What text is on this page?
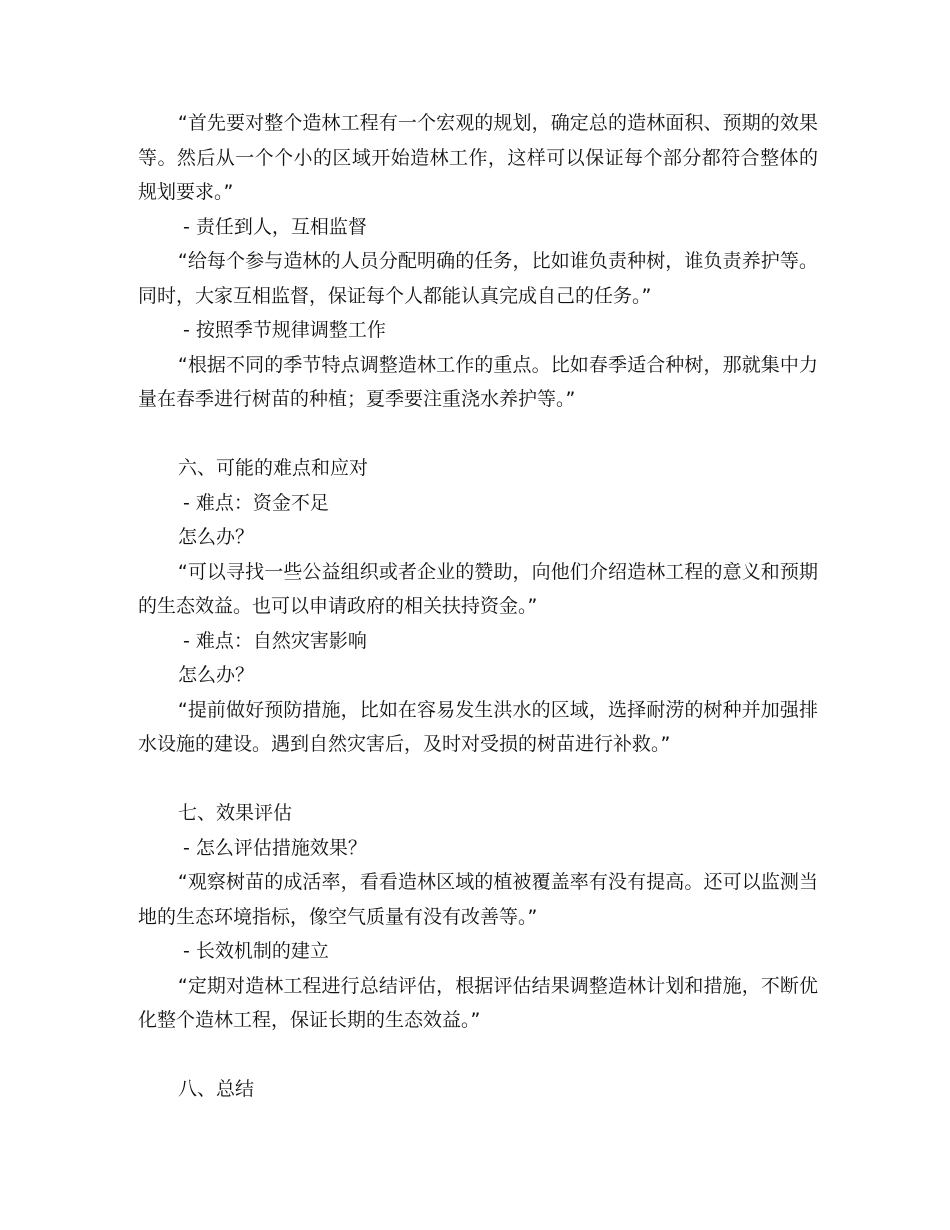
“首先要对整个造林工程有一个宏观的规划，确定总的造林面积、预期的效果等。然后从一个个小的区域开始造林工作，这样可以保证每个部分都符合整体的规划要求。”

- 责任到人，互相监督

“给每个参与造林的人员分配明确的任务，比如谁负责种树，谁负责养护等。同时，大家互相监督，保证每个人都能认真完成自己的任务。”

- 按照季节规律调整工作

“根据不同的季节特点调整造林工作的重点。比如春季适合种树，那就集中力量在春季进行树苗的种植；夏季要注重浇水养护等。”

六、可能的难点和应对

- 难点：资金不足

怎么办？

“可以寻找一些公益组织或者企业的赞助，向他们介绍造林工程的意义和预期的生态效益。也可以申请政府的相关扶持资金。”

- 难点：自然灾害影响

怎么办？

“提前做好预防措施，比如在容易发生洪水的区域，选择耐涝的树种并加强排水设施的建设。遇到自然灾害后，及时对受损的树苗进行补救。”

七、效果评估

- 怎么评估措施效果？

“观察树苗的成活率，看看造林区域的植被覆盖率有没有提高。还可以监测当地的生态环境指标，像空气质量有没有改善等。”

- 长效机制的建立

“定期对造林工程进行总结评估，根据评估结果调整造林计划和措施，不断优化整个造林工程，保证长期的生态效益。”

八、总结
